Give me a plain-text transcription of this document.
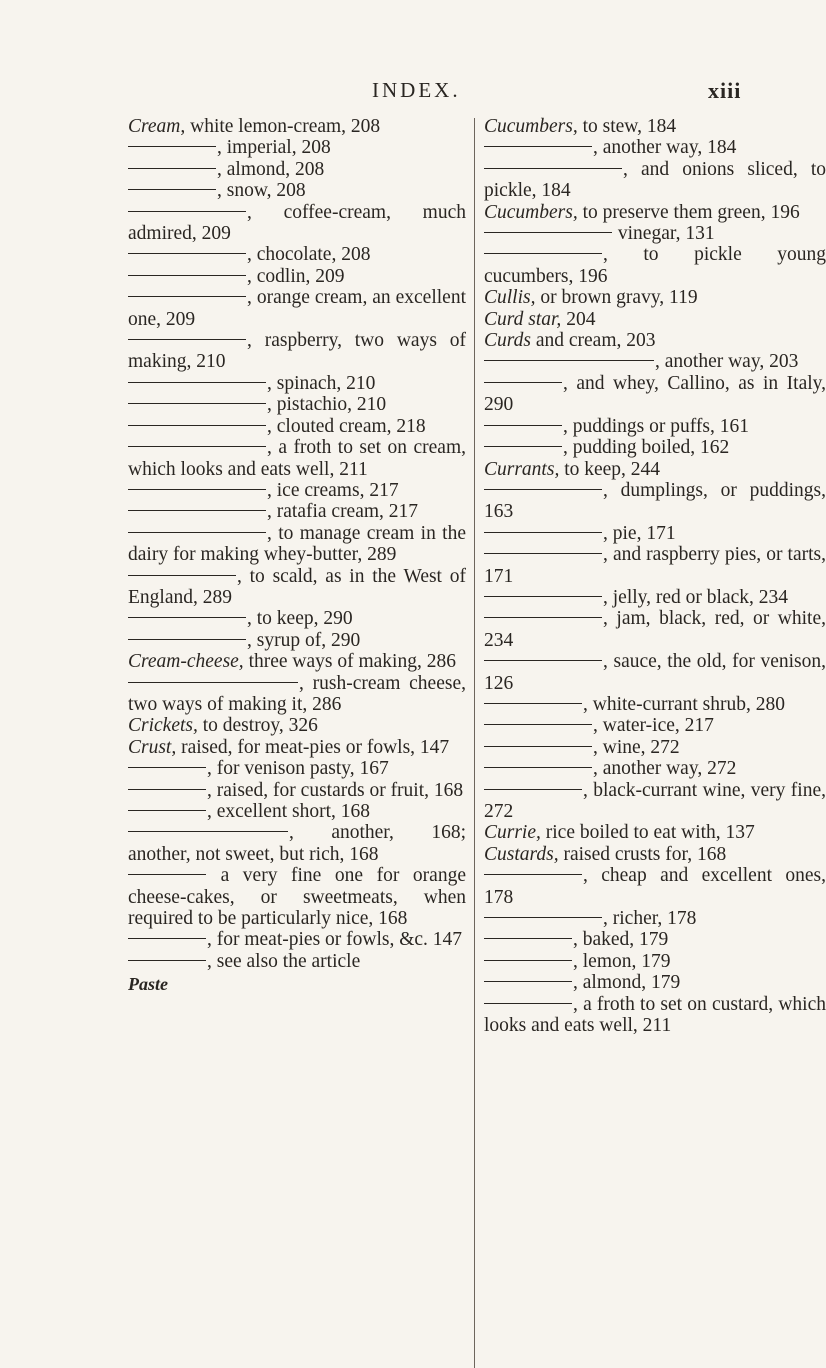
INDEX.	xiii

Cream, white lemon-cream, 208

, imperial, 208

, almond, 208

, snow, 208

, coffee-cream, much admired, 209

, chocolate, 208

, codlin, 209

, orange cream, an excellent one, 209

, raspberry, two ways of making, 210

, spinach, 210

, pistachio, 210

, clouted cream, 218

, a froth to set on cream, which looks and eats well, 211

, ice creams, 217

, ratafia cream, 217

, to manage cream in the dairy for making whey-butter, 289

, to scald, as in the West of England, 289

, to keep, 290

, syrup of, 290

Cream-cheese, three ways of making, 286

, rush-cream cheese, two ways of making it, 286

Crickets, to destroy, 326

Crust, raised, for meat-pies or fowls, 147

, for venison pasty, 167

, raised, for custards or fruit, 168

, excellent short, 168

, another, 168; another, not sweet, but rich, 168

a very fine one for orange cheese-cakes, or sweetmeats, when required to be particularly nice, 168

, for meat-pies or fowls, &c. 147

, see also the article

Paste

Cucumbers, to stew, 184

, another way, 184

, and onions sliced, to pickle, 184

Cucumbers, to preserve them green, 196

vinegar, 131

, to pickle young cucumbers, 196

Cullis, or brown gravy, 119

Curd star, 204

Curds and cream, 203

, another way, 203

, and whey, Callino, as in Italy, 290

, puddings or puffs, 161

, pudding boiled, 162

Currants, to keep, 244

, dumplings, or puddings, 163

, pie, 171

, and raspberry pies, or tarts, 171

, jelly, red or black, 234

, jam, black, red, or white, 234

, sauce, the old, for venison, 126

, white-currant shrub, 280

, water-ice, 217

, wine, 272

, another way, 272

, black-currant wine, very fine, 272

Currie, rice boiled to eat with, 137

Custards, raised crusts for, 168

, cheap and excellent ones, 178

, richer, 178

, baked, 179

, lemon, 179

, almond, 179

, a froth to set on custard, which looks and eats well, 211
